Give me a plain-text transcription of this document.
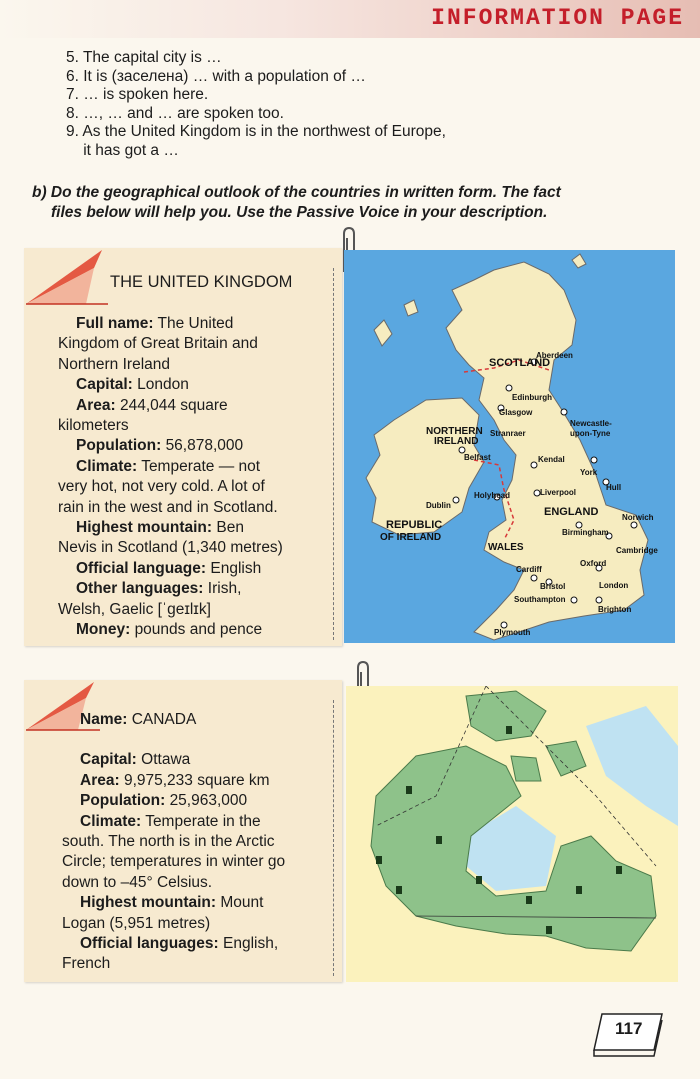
INFORMATION PAGE
5. The capital city is …
6. It is (заселена) … with a population of …
7. … is spoken here.
8. …, … and … are spoken too.
9. As the United Kingdom is in the northwest of Europe,
it has got a …
b) Do the geographical outlook of the countries in written form. The fact
files below will help you. Use the Passive Voice in your description.
THE UNITED KINGDOM
Full name: The United
Kingdom of Great Britain and
Northern Ireland
Capital: London
Area: 244,044 square
kilometers
Population: 56,878,000
Climate: Temperate — not
very hot, not very cold. A lot of
rain in the west and in Scotland.
Highest mountain: Ben
Nevis in Scotland (1,340 metres)
Official language: English
Other languages: Irish,
Welsh, Gaelic [ˈgeɪlɪk]
Money: pounds and pence
SCOTLAND
Aberdeen
Edinburgh
Glasgow
NORTHERN
IRELAND
Stranraer
Newcastle-
upon-Tyne
Belfast	Kendal
York
Hull
Holyhead	Liverpool
Dublin
ENGLAND	Norwich
REPUBLIC
OF IRELAND	Birmingham
WALES	Cambridge
Oxford
Cardiff
London
Bristol
Southampton
Brighton
Plymouth
Name: CANADA
Capital: Ottawa
Area: 9,975,233 square km
Population: 25,963,000
Climate: Temperate in the
south. The north is in the Arctic
Circle; temperatures in winter go
down to –45° Celsius.
Highest mountain: Mount
Logan (5,951 metres)
Official languages: English,
French
117
